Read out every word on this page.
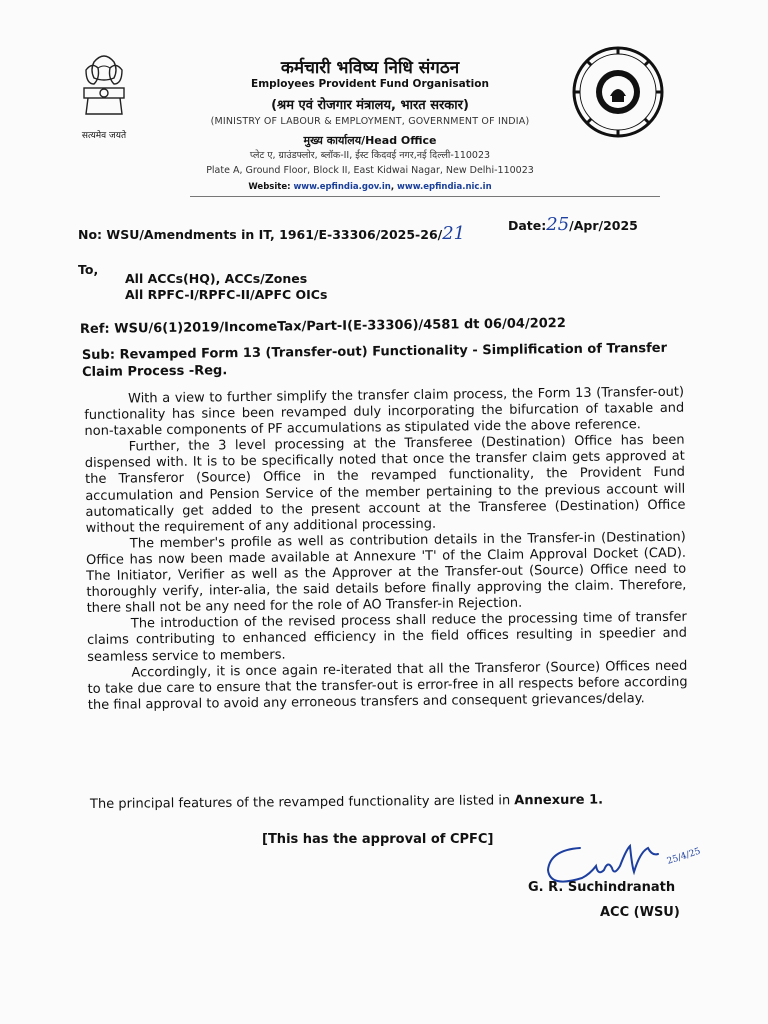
सत्यमेव जयते
कर्मचारी भविष्य निधि संगठन
Employees Provident Fund Organisation
(श्रम एवं रोजगार मंत्रालय, भारत सरकार)
(MINISTRY OF LABOUR & EMPLOYMENT, GOVERNMENT OF INDIA)
मुख्य कार्यालय/Head Office
प्लेट ए, ग्राउंडफ्लोर, ब्लॉक-II, ईस्ट किदवई नगर,नई दिल्ली-110023
Plate A, Ground Floor, Block II, East Kidwai Nagar, New Delhi-110023
Website: www.epfindia.gov.in, www.epfindia.nic.in
No: WSU/Amendments in IT, 1961/E-33306/2025-26/21	Date:25/Apr/2025
To,
All ACCs(HQ), ACCs/Zones
All RPFC-I/RPFC-II/APFC OICs
Ref: WSU/6(1)2019/IncomeTax/Part-I(E-33306)/4581 dt 06/04/2022
Sub: Revamped Form 13 (Transfer-out) Functionality - Simplification of Transfer Claim Process -Reg.

With a view to further simplify the transfer claim process, the Form 13 (Transfer-out) functionality has since been revamped duly incorporating the bifurcation of taxable and non-taxable components of PF accumulations as stipulated vide the above reference.

Further, the 3 level processing at the Transferee (Destination) Office has been dispensed with. It is to be specifically noted that once the transfer claim gets approved at the Transferor (Source) Office in the revamped functionality, the Provident Fund accumulation and Pension Service of the member pertaining to the previous account will automatically get added to the present account at the Transferee (Destination) Office without the requirement of any additional processing.

The member's profile as well as contribution details in the Transfer-in (Destination) Office has now been made available at Annexure 'T' of the Claim Approval Docket (CAD). The Initiator, Verifier as well as the Approver at the Transfer-out (Source) Office need to thoroughly verify, inter-alia, the said details before finally approving the claim. Therefore, there shall not be any need for the role of AO Transfer-in Rejection.

The introduction of the revised process shall reduce the processing time of transfer claims contributing to enhanced efficiency in the field offices resulting in speedier and seamless service to members.

Accordingly, it is once again re-iterated that all the Transferor (Source) Offices need to take due care to ensure that the transfer-out is error-free in all respects before according the final approval to avoid any erroneous transfers and consequent grievances/delay.

The principal features of the revamped functionality are listed in Annexure 1.
[This has the approval of CPFC]
25/4/25
G. R. Suchindranath
ACC (WSU)
